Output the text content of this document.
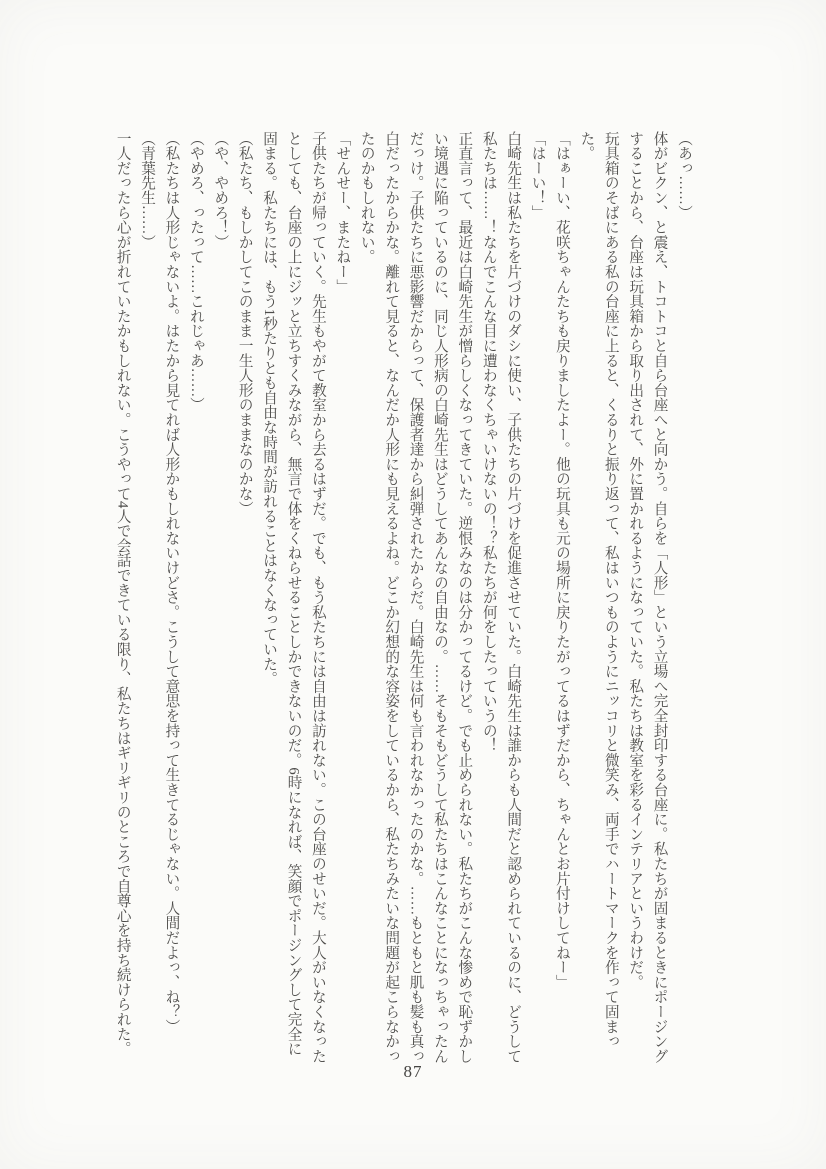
（あっ……）

体がビクン、と震え、トコトコと自ら台座へと向かう。自らを「人形」という立場へ完全封印する台座に。私たちが固まるときにポージング

することから、台座は玩具箱から取り出されて、外に置かれるようになっていた。私たちは教室を彩るインテリアというわけだ。

玩具箱のそばにある私の台座に上ると、くるりと振り返って、私はいつものようにニッコリと微笑み、両手でハートマークを作って固まった。

「はぁーい、花咲ちゃんたちも戻りましたよー。他の玩具も元の場所に戻りたがってるはずだから、ちゃんとお片付けしてねー」

「はーい！」

白崎先生は私たちを片づけのダシに使い、子供たちの片づけを促進させていた。白崎先生は誰からも人間だと認められているのに、どうして

私たちは……！なんでこんな目に遭わなくちゃいけないの！？私たちが何をしたっていうの！

正直言って、最近は白崎先生が憎らしくなってきていた。逆恨みなのは分かってるけど。でも止められない。私たちがこんな惨めで恥ずかし

い境遇に陥っているのに、同じ人形病の白崎先生はどうしてあんなの自由なの。……そもそもどうして私たちはこんなことになっちゃったん

だっけ。子供たちに悪影響だからって、保護者達から糾弾されたからだ。白崎先生は何も言われなかったのかな。……もともと肌も髪も真っ

白だったからかな。離れて見ると、なんだか人形にも見えるよね。どこか幻想的な容姿をしているから、私たちみたいな問題が起こらなかっ

たのかもしれない。

「せんせー、またねー」

子供たちが帰っていく。先生もやがて教室から去るはずだ。でも、もう私たちには自由は訪れない。この台座のせいだ。大人がいなくなった

としても、台座の上にジッと立ちすくみながら、無言で体をくねらせることしかできないのだ。6時になれば、笑顔でポージングして完全に

固まる。私たちには、もう1秒たりとも自由な時間が訪れることはなくなっていた。

（私たち、もしかしてこのまま一生人形のままなのかな）

（や、やめろ！）

（やめろ、ったって……これじゃあ……）

（私たちは人形じゃないよ。はたから見てれば人形かもしれないけどさ。こうして意思を持って生きてるじゃない。人間だよっ、ね？）

（青葉先生……）

一人だったら心が折れていたかもしれない。こうやって4人で会話できている限り、私たちはギリギリのところで自尊心を持ち続けられた。

87
